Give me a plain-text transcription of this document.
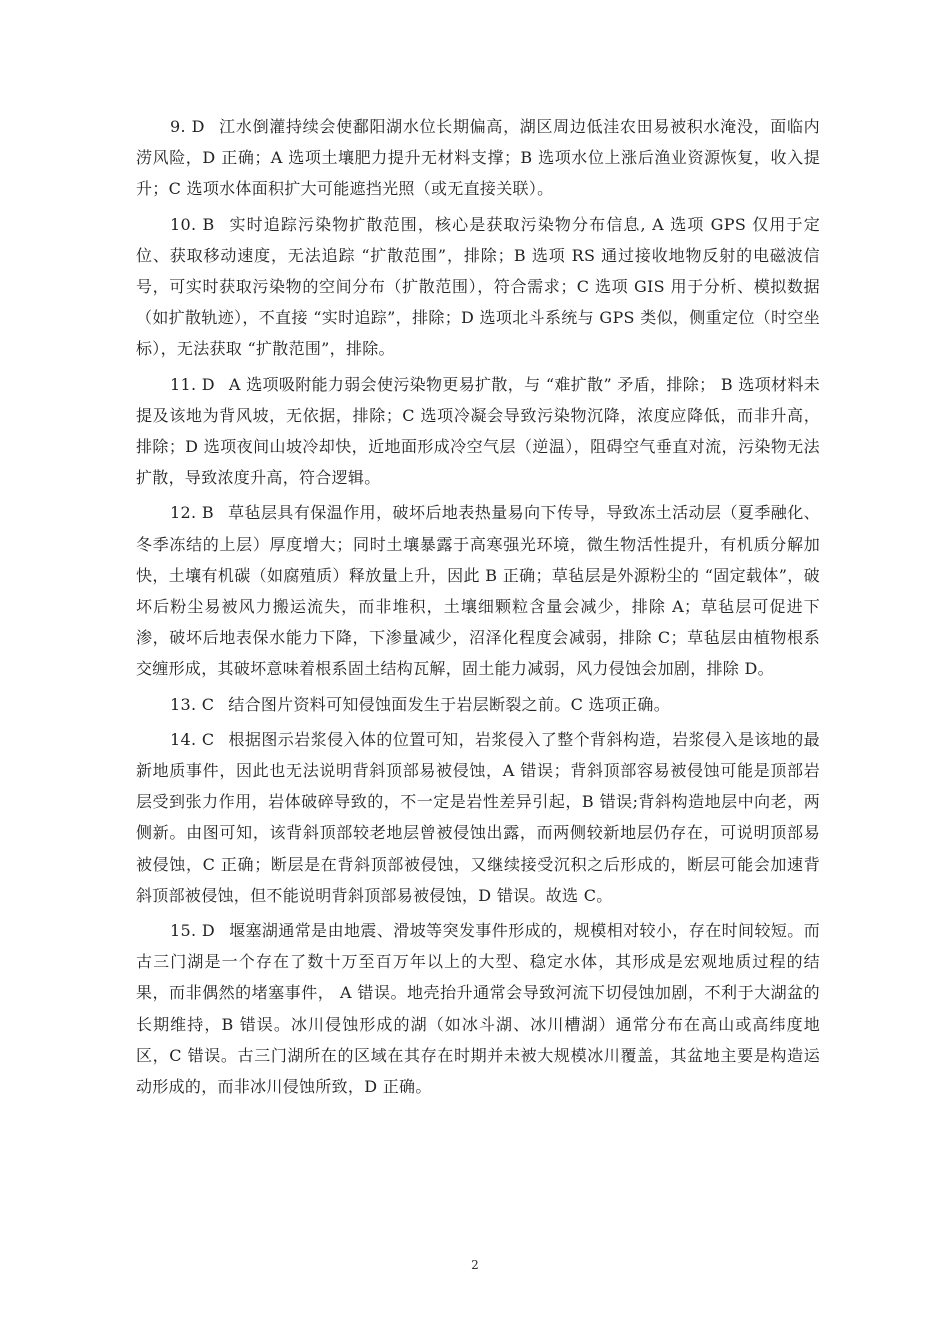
9. D 江水倒灌持续会使鄱阳湖水位长期偏高，湖区周边低洼农田易被积水淹没，面临内涝风险，D 正确；A 选项土壤肥力提升无材料支撑；B 选项水位上涨后渔业资源恢复，收入提升；C 选项水体面积扩大可能遮挡光照（或无直接关联）。

10. B 实时追踪污染物扩散范围，核心是获取污染物分布信息, A 选项 GPS 仅用于定位、获取移动速度，无法追踪 “扩散范围”，排除；B 选项 RS 通过接收地物反射的电磁波信号，可实时获取污染物的空间分布（扩散范围），符合需求；C 选项 GIS 用于分析、模拟数据（如扩散轨迹），不直接 “实时追踪”，排除；D 选项北斗系统与 GPS 类似，侧重定位（时空坐标），无法获取 “扩散范围”，排除。

11. D A 选项吸附能力弱会使污染物更易扩散，与 “难扩散” 矛盾，排除； B 选项材料未提及该地为背风坡，无依据，排除；C 选项冷凝会导致污染物沉降，浓度应降低，而非升高，排除；D 选项夜间山坡冷却快，近地面形成冷空气层（逆温），阻碍空气垂直对流，污染物无法扩散，导致浓度升高，符合逻辑。

12. B 草毡层具有保温作用，破坏后地表热量易向下传导，导致冻土活动层（夏季融化、冬季冻结的上层）厚度增大；同时土壤暴露于高寒强光环境，微生物活性提升，有机质分解加快，土壤有机碳（如腐殖质）释放量上升，因此 B 正确；草毡层是外源粉尘的 “固定载体”，破坏后粉尘易被风力搬运流失，而非堆积，土壤细颗粒含量会减少，排除 A；草毡层可促进下渗，破坏后地表保水能力下降，下渗量减少，沼泽化程度会减弱，排除 C；草毡层由植物根系交缠形成，其破坏意味着根系固土结构瓦解，固土能力减弱，风力侵蚀会加剧，排除 D。

13. C 结合图片资料可知侵蚀面发生于岩层断裂之前。C 选项正确。

14. C 根据图示岩浆侵入体的位置可知，岩浆侵入了整个背斜构造，岩浆侵入是该地的最新地质事件，因此也无法说明背斜顶部易被侵蚀，A 错误；背斜顶部容易被侵蚀可能是顶部岩层受到张力作用，岩体破碎导致的，不一定是岩性差异引起，B 错误;背斜构造地层中向老，两侧新。由图可知，该背斜顶部较老地层曾被侵蚀出露，而两侧较新地层仍存在，可说明顶部易被侵蚀，C 正确；断层是在背斜顶部被侵蚀，又继续接受沉积之后形成的，断层可能会加速背斜顶部被侵蚀，但不能说明背斜顶部易被侵蚀，D 错误。故选 C。

15. D 堰塞湖通常是由地震、滑坡等突发事件形成的，规模相对较小，存在时间较短。而古三门湖是一个存在了数十万至百万年以上的大型、稳定水体，其形成是宏观地质过程的结果，而非偶然的堵塞事件， A 错误。地壳抬升通常会导致河流下切侵蚀加剧，不利于大湖盆的长期维持，B 错误。冰川侵蚀形成的湖（如冰斗湖、冰川槽湖）通常分布在高山或高纬度地区，C 错误。古三门湖所在的区域在其存在时期并未被大规模冰川覆盖，其盆地主要是构造运动形成的，而非冰川侵蚀所致，D 正确。

2
